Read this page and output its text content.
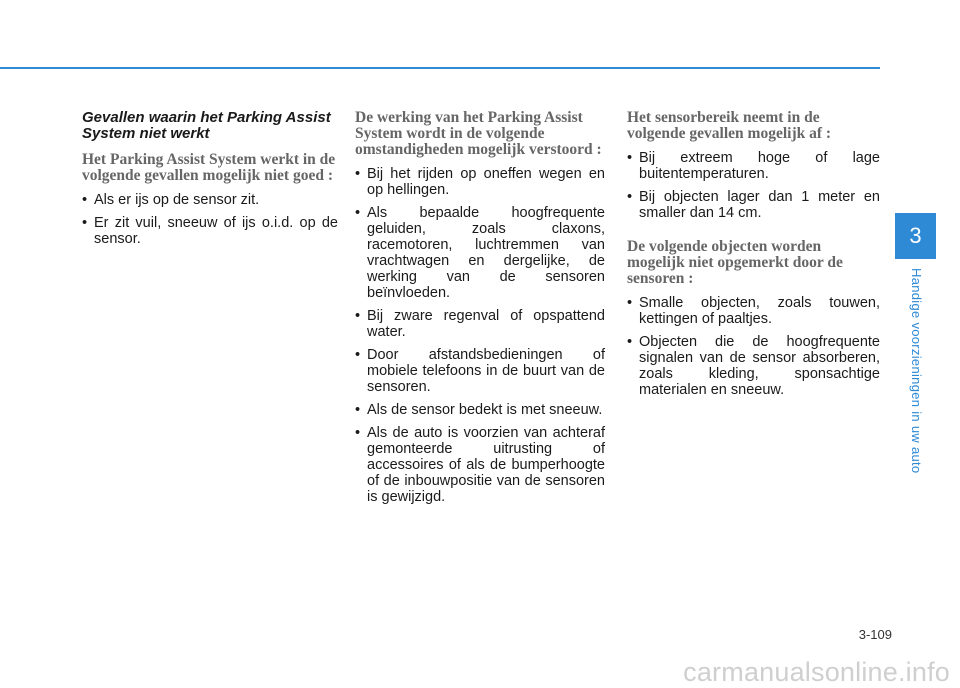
Gevallen waarin het Parking Assist System niet werkt
Het Parking Assist System werkt in de volgende gevallen mogelijk niet goed :
• Als er ijs op de sensor zit.
• Er zit vuil, sneeuw of ijs o.i.d. op de sensor.
De werking van het Parking Assist System wordt in de volgende omstandigheden mogelijk verstoord :
• Bij het rijden op oneffen wegen en op hellingen.
• Als bepaalde hoogfrequente geluiden, zoals claxons, racemotoren, luchtremmen van vrachtwagen en dergelijke, de werking van de sensoren beïnvloeden.
• Bij zware regenval of opspattend water.
• Door afstandsbedieningen of mobiele telefoons in de buurt van de sensoren.
• Als de sensor bedekt is met sneeuw.
• Als de auto is voorzien van achteraf gemonteerde uitrusting of accessoires of als de bumperhoogte of de inbouwpositie van de sensoren is gewijzigd.
Het sensorbereik neemt in de volgende gevallen mogelijk af :
• Bij extreem hoge of lage buitentemperaturen.
• Bij objecten lager dan 1 meter en smaller dan 14 cm.
De volgende objecten worden mogelijk niet opgemerkt door de sensoren :
• Smalle objecten, zoals touwen, kettingen of paaltjes.
• Objecten die de hoogfrequente signalen van de sensor absorberen, zoals kleding, sponsachtige materialen en sneeuw.
3
Handige voorzieningen in uw auto
3-109
carmanualsonline.info
